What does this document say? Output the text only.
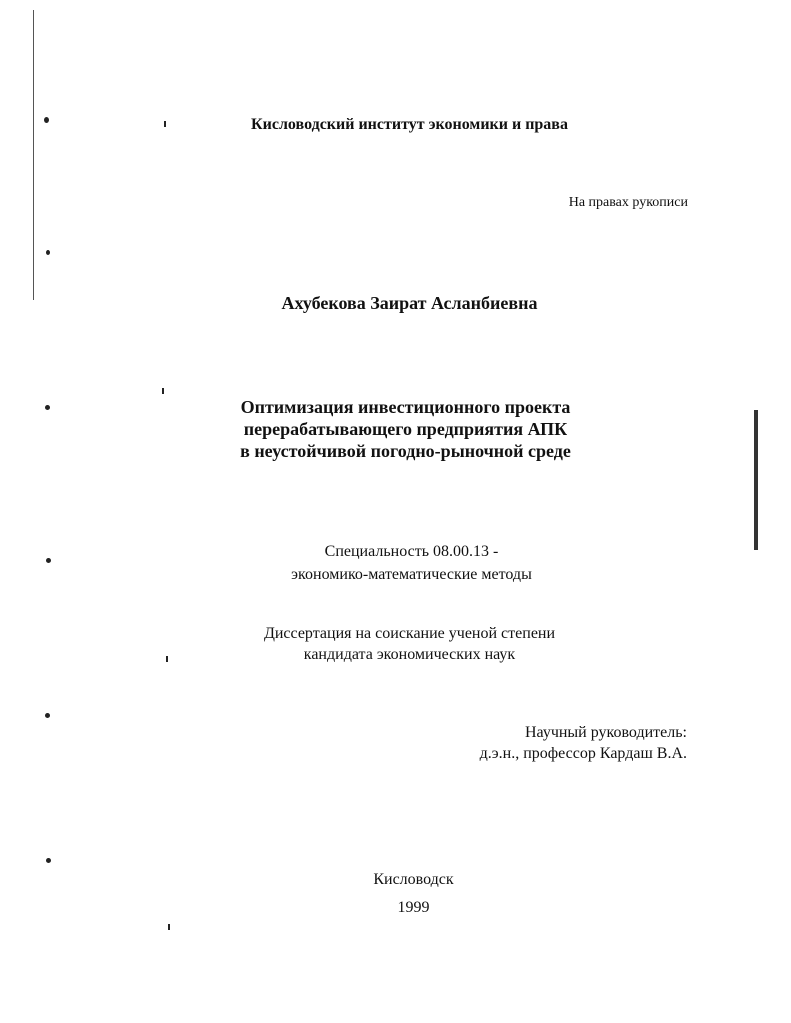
Кисловодский институт экономики и права
На правах рукописи
Ахубекова Заират Асланбиевна
Оптимизация инвестиционного проекта
перерабатывающего предприятия АПК
в неустойчивой погодно-рыночной среде
Специальность 08.00.13 -
экономико-математические методы
Диссертация на соискание ученой степени
кандидата экономических наук
Научный руководитель:
д.э.н., профессор Кардаш В.А.
Кисловодск
1999
